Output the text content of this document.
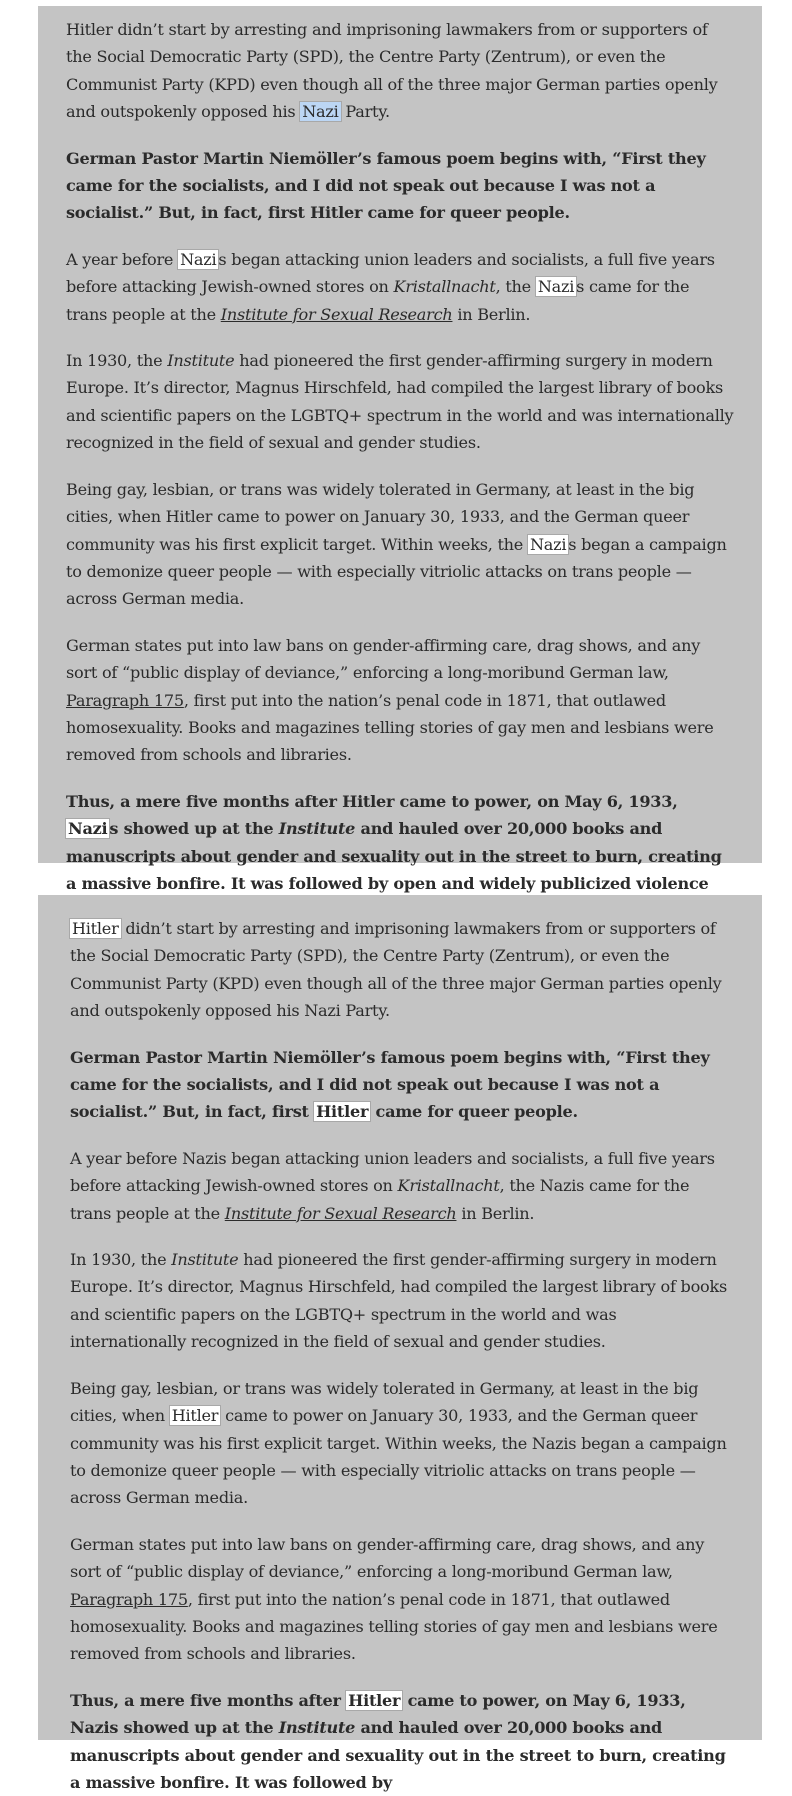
Hitler didn’t start by arresting and imprisoning lawmakers from or supporters of the Social Democratic Party (SPD), the Centre Party (Zentrum), or even the Communist Party (KPD) even though all of the three major German parties openly and outspokenly opposed his Nazi Party.

German Pastor Martin Niemöller’s famous poem begins with, “First they came for the socialists, and I did not speak out because I was not a socialist.” But, in fact, first Hitler came for queer people.

A year before Nazi s began attacking union leaders and socialists, a full five years before attacking Jewish-owned stores on Kristallnacht, the Nazi s came for the trans people at the Institute for Sexual Research in Berlin.

In 1930, the Institute had pioneered the first gender-affirming surgery in modern Europe. It’s director, Magnus Hirschfeld, had compiled the largest library of books and scientific papers on the LGBTQ+ spectrum in the world and was internationally recognized in the field of sexual and gender studies.

Being gay, lesbian, or trans was widely tolerated in Germany, at least in the big cities, when Hitler came to power on January 30, 1933, and the German queer community was his first explicit target. Within weeks, the Nazi s began a campaign to demonize queer people — with especially vitriolic attacks on trans people — across German media.

German states put into law bans on gender-affirming care, drag shows, and any sort of “public display of deviance,” enforcing a long-moribund German law, Paragraph 175, first put into the nation’s penal code in 1871, that outlawed homosexuality. Books and magazines telling stories of gay men and lesbians were removed from schools and libraries.

Thus, a mere five months after Hitler came to power, on May 6, 1933, Nazi s showed up at the Institute and hauled over 20,000 books and manuscripts about gender and sexuality out in the street to burn, creating a massive bonfire. It was followed by open and widely publicized violence

Hitler didn’t start by arresting and imprisoning lawmakers from or supporters of the Social Democratic Party (SPD), the Centre Party (Zentrum), or even the Communist Party (KPD) even though all of the three major German parties openly and outspokenly opposed his Nazi Party.

German Pastor Martin Niemöller’s famous poem begins with, “First they came for the socialists, and I did not speak out because I was not a socialist.” But, in fact, first Hitler came for queer people.

A year before Nazis began attacking union leaders and socialists, a full five years before attacking Jewish-owned stores on Kristallnacht, the Nazis came for the trans people at the Institute for Sexual Research in Berlin.

In 1930, the Institute had pioneered the first gender-affirming surgery in modern Europe. It’s director, Magnus Hirschfeld, had compiled the largest library of books and scientific papers on the LGBTQ+ spectrum in the world and was internationally recognized in the field of sexual and gender studies.

Being gay, lesbian, or trans was widely tolerated in Germany, at least in the big cities, when Hitler came to power on January 30, 1933, and the German queer community was his first explicit target. Within weeks, the Nazis began a campaign to demonize queer people — with especially vitriolic attacks on trans people — across German media.

German states put into law bans on gender-affirming care, drag shows, and any sort of “public display of deviance,” enforcing a long-moribund German law, Paragraph 175, first put into the nation’s penal code in 1871, that outlawed homosexuality. Books and magazines telling stories of gay men and lesbians were removed from schools and libraries.

Thus, a mere five months after Hitler came to power, on May 6, 1933, Nazis showed up at the Institute and hauled over 20,000 books and manuscripts about gender and sexuality out in the street to burn, creating a massive bonfire. It was followed by
